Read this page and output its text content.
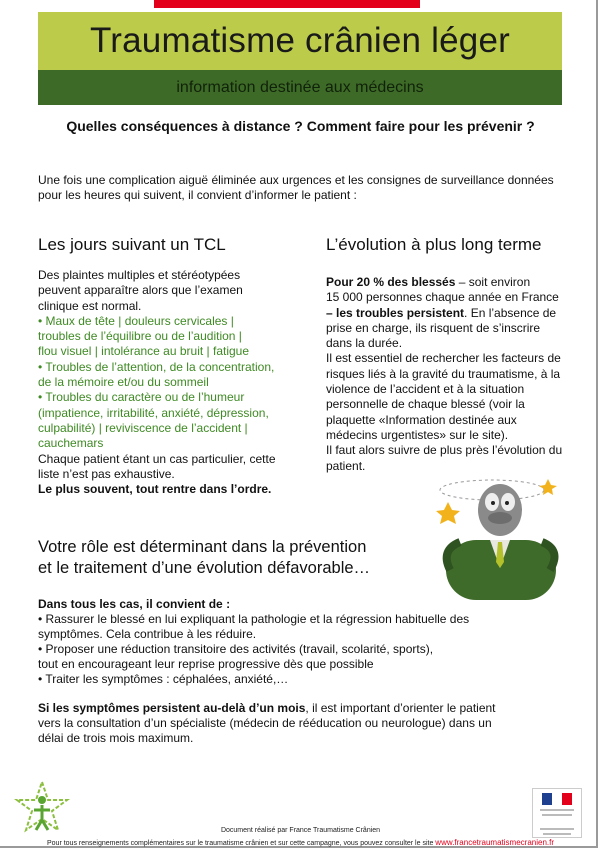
Traumatisme crânien léger
information destinée aux médecins
Quelles conséquences à distance ? Comment faire pour les prévenir ?
Une fois une complication aiguë éliminée aux urgences et les consignes de surveillance données
pour les heures qui suivent, il convient d’informer le patient :
Les jours suivant un TCL
Des plaintes multiples et stéréotypées
peuvent apparaître alors que l’examen
clinique est normal.
• Maux de tête | douleurs cervicales |
troubles de l’équilibre ou de l’audition |
flou visuel | intolérance au bruit | fatigue
• Troubles de l’attention, de la concentration,
de la mémoire et/ou du sommeil
• Troubles du caractère ou de l’humeur
(impatience, irritabilité, anxiété, dépression,
culpabilité) | reviviscence de l’accident |
cauchemars
Chaque patient étant un cas particulier, cette
liste n’est pas exhaustive.
Le plus souvent, tout rentre dans l’ordre.
L’évolution à plus long terme
Pour 20 % des blessés – soit environ
15 000 personnes chaque année en France
– les troubles persistent. En l’absence de
prise en charge, ils risquent de s’inscrire
dans la durée.
Il est essentiel de rechercher les facteurs de
risques liés à la gravité du traumatisme, à la
violence de l’accident et à la situation
personnelle de chaque blessé (voir la
plaquette «Information destinée aux
médecins urgentistes» sur le site).
Il faut alors suivre de plus près l’évolution du
patient.
Votre rôle est déterminant dans la prévention
et le traitement d’une évolution défavorable…
Dans tous les cas, il convient de :
• Rassurer le blessé en lui expliquant la pathologie et la régression habituelle des
symptômes. Cela contribue à les réduire.
• Proposer une réduction transitoire des activités (travail, scolarité, sports),
tout en encourageant leur reprise progressive dès que possible
• Traiter les symptômes : céphalées, anxiété,…
Si les symptômes persistent au-delà d’un mois, il est important d’orienter le patient
vers la consultation d’un spécialiste (médecin de rééducation ou neurologue) dans un
délai de trois mois maximum.
Document réalisé par France Traumatisme Crânien
Pour tous renseignements complémentaires sur le traumatisme crânien et sur cette campagne, vous pouvez consulter le site www.francetraumatismecranien.fr
